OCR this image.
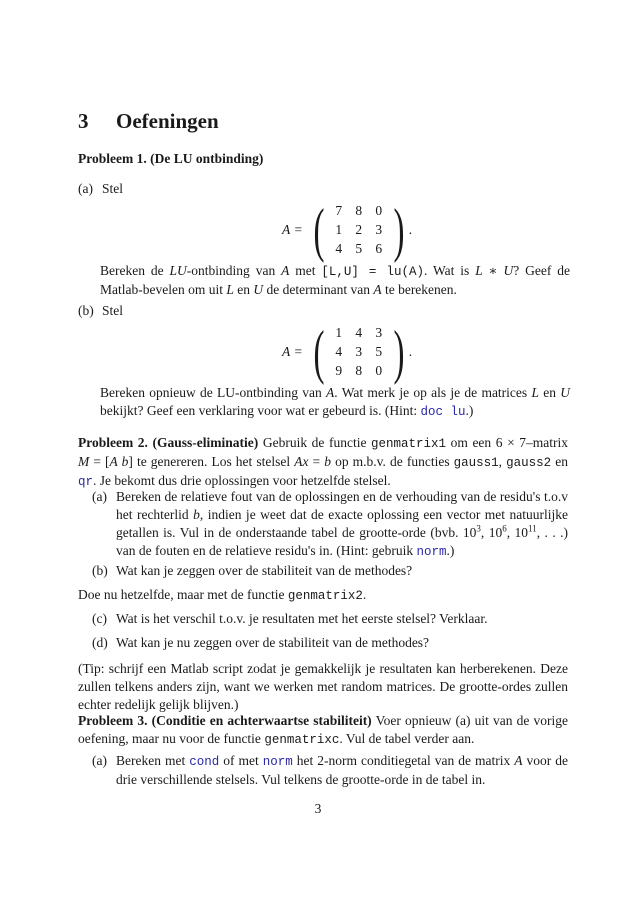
3 Oefeningen
Probleem 1. (De LU ontbinding)
(a) Stel
A = ( 7	8	0
1	2	3
4	5	6 ) .
Bereken de LU-ontbinding van A met [L,U] = lu(A). Wat is L ∗ U? Geef de Matlab-bevelen om uit L en U de determinant van A te berekenen.
(b) Stel
A = ( 1	4	3
4	3	5
9	8	0 ) .
Bereken opnieuw de LU-ontbinding van A. Wat merk je op als je de matrices L en U bekijkt? Geef een verklaring voor wat er gebeurd is. (Hint: doc lu.)
Probleem 2. (Gauss-eliminatie) Gebruik de functie genmatrix1 om een 6 × 7–matrix M = [A b] te genereren. Los het stelsel Ax = b op m.b.v. de functies gauss1, gauss2 en qr. Je bekomt dus drie oplossingen voor hetzelfde stelsel.
(a) Bereken de relatieve fout van de oplossingen en de verhouding van de residu's t.o.v het rechterlid b, indien je weet dat de exacte oplossing een vector met natuurlijke getallen is. Vul in de onderstaande tabel de grootte-orde (bvb. $10^3$, $10^6$, $10^{11}$, . . .) van de fouten en de relatieve residu's in. (Hint: gebruik norm.)
(b) Wat kan je zeggen over de stabiliteit van de methodes?
Doe nu hetzelfde, maar met de functie genmatrix2.
(c) Wat is het verschil t.o.v. je resultaten met het eerste stelsel? Verklaar.
(d) Wat kan je nu zeggen over de stabiliteit van de methodes?
(Tip: schrijf een Matlab script zodat je gemakkelijk je resultaten kan herberekenen. Deze zullen telkens anders zijn, want we werken met random matrices. De grootte-ordes zullen echter redelijk gelijk blijven.)
Probleem 3. (Conditie en achterwaartse stabiliteit) Voer opnieuw (a) uit van de vorige oefening, maar nu voor de functie genmatrixc. Vul de tabel verder aan.
(a) Bereken met cond of met norm het 2-norm conditiegetal van de matrix A voor de drie verschillende stelsels. Vul telkens de grootte-orde in de tabel in.
3
